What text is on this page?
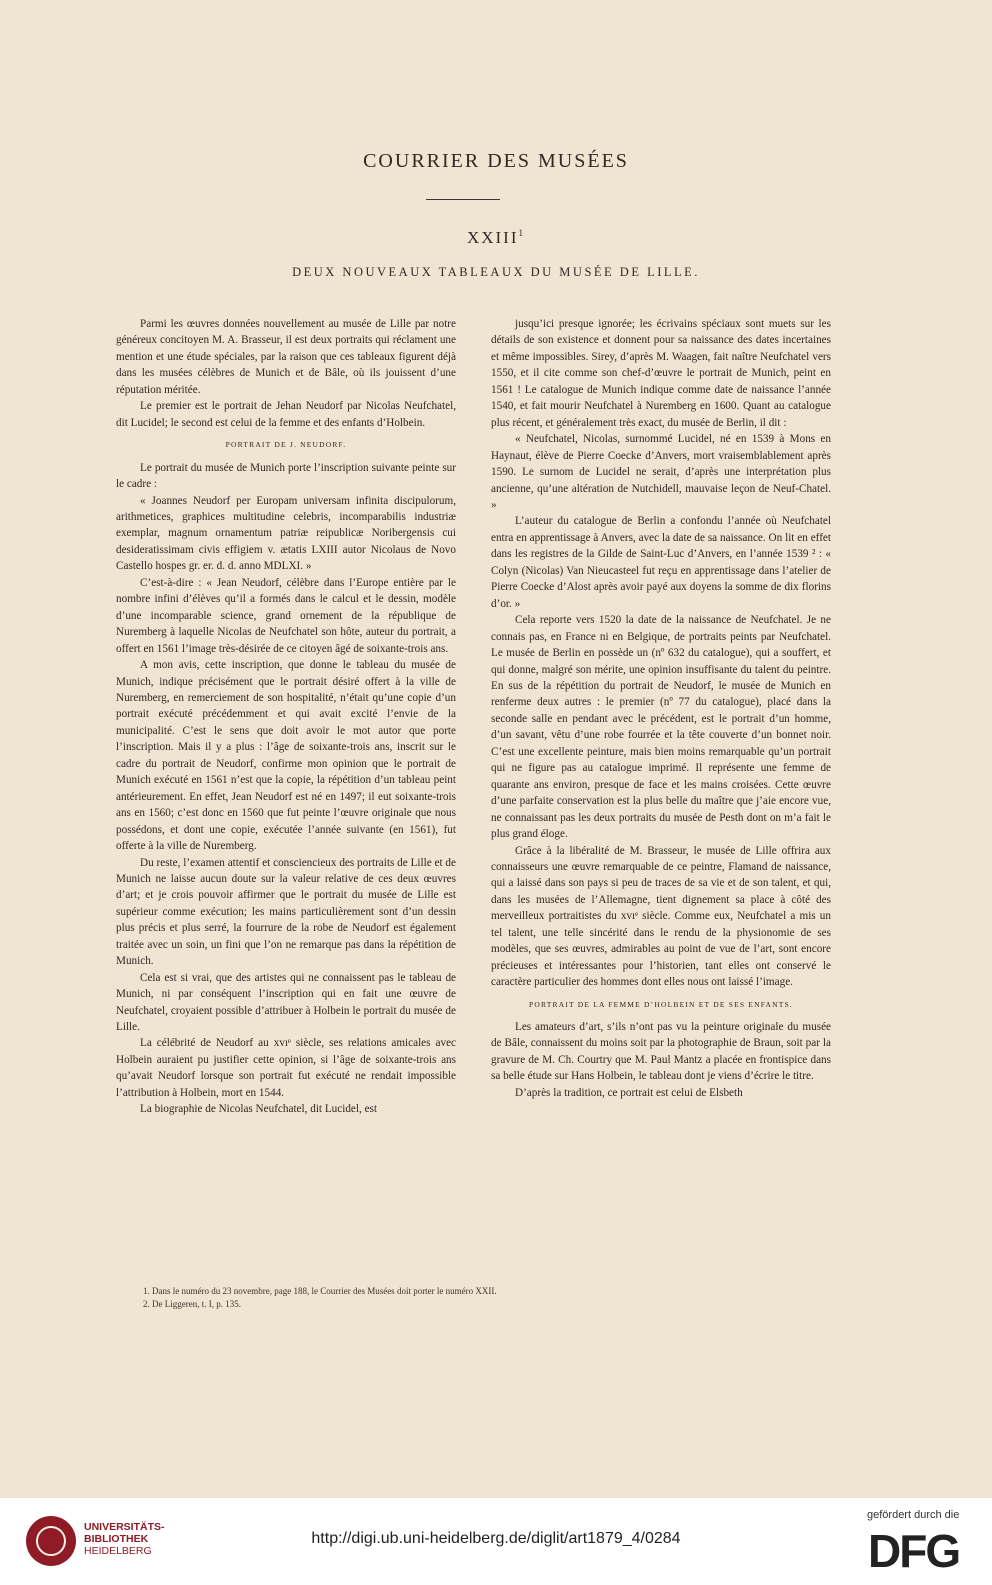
COURRIER DES MUSÉES
XXIII$^1$
DEUX NOUVEAUX TABLEAUX DU MUSÉE DE LILLE.

Parmi les œuvres données nouvellement au musée de Lille par notre généreux concitoyen M. A. Brasseur, il est deux portraits qui réclament une mention et une étude spéciales, par la raison que ces tableaux figurent déjà dans les musées célèbres de Munich et de Bâle, où ils jouissent d’une réputation méritée.

Le premier est le portrait de Jehan Neudorf par Nicolas Neufchatel, dit Lucidel; le second est celui de la femme et des enfants d’Holbein.

PORTRAIT DE J. NEUDORF.

Le portrait du musée de Munich porte l’inscription suivante peinte sur le cadre :

« Joannes Neudorf per Europam universam infinita discipulorum, arithmetices, graphices multitudine celebris, incomparabilis industriæ exemplar, magnum ornamentum patriæ reipublicæ Noribergensis cui desideratissimam civis effigiem v. ætatis LXIII autor Nicolaus de Novo Castello hospes gr. er. d. d. anno MDLXI. »

C’est-à-dire : « Jean Neudorf, célèbre dans l’Europe entière par le nombre infini d’élèves qu’il a formés dans le calcul et le dessin, modèle d’une incomparable science, grand ornement de la république de Nuremberg à laquelle Nicolas de Neufchatel son hôte, auteur du portrait, a offert en 1561 l’image très-désirée de ce citoyen âgé de soixante-trois ans.

A mon avis, cette inscription, que donne le tableau du musée de Munich, indique précisément que le portrait désiré offert à la ville de Nuremberg, en remerciement de son hospitalité, n’était qu’une copie d’un portrait exécuté précédemment et qui avait excité l’envie de la municipalité. C’est le sens que doit avoir le mot autor que porte l’inscription. Mais il y a plus : l’âge de soixante-trois ans, inscrit sur le cadre du portrait de Neudorf, confirme mon opinion que le portrait de Munich exécuté en 1561 n’est que la copie, la répétition d’un tableau peint antérieurement. En effet, Jean Neudorf est né en 1497; il eut soixante-trois ans en 1560; c’est donc en 1560 que fut peinte l’œuvre originale que nous possédons, et dont une copie, exécutée l’année suivante (en 1561), fut offerte à la ville de Nuremberg.

Du reste, l’examen attentif et consciencieux des portraits de Lille et de Munich ne laisse aucun doute sur la valeur relative de ces deux œuvres d’art; et je crois pouvoir affirmer que le portrait du musée de Lille est supérieur comme exécution; les mains particulièrement sont d’un dessin plus précis et plus serré, la fourrure de la robe de Neudorf est également traitée avec un soin, un fini que l’on ne remarque pas dans la répétition de Munich.

Cela est si vrai, que des artistes qui ne connaissent pas le tableau de Munich, ni par conséquent l’inscription qui en fait une œuvre de Neufchatel, croyaient possible d’attribuer à Holbein le portrait du musée de Lille.

La célébrité de Neudorf au xvıᵉ siècle, ses relations amicales avec Holbein auraient pu justifier cette opinion, si l’âge de soixante-trois ans qu’avait Neudorf lorsque son portrait fut exécuté ne rendait impossible l’attribution à Holbein, mort en 1544.

La biographie de Nicolas Neufchatel, dit Lucidel, est

jusqu’ici presque ignorée; les écrivains spéciaux sont muets sur les détails de son existence et donnent pour sa naissance des dates incertaines et même impossibles. Sirey, d’après M. Waagen, fait naître Neufchatel vers 1550, et il cite comme son chef-d’œuvre le portrait de Munich, peint en 1561 ! Le catalogue de Munich indique comme date de naissance l’année 1540, et fait mourir Neufchatel à Nuremberg en 1600. Quant au catalogue plus récent, et généralement très exact, du musée de Berlin, il dit :

« Neufchatel, Nicolas, surnommé Lucidel, né en 1539 à Mons en Haynaut, élève de Pierre Coecke d’Anvers, mort vraisemblablement après 1590. Le surnom de Lucidel ne serait, d’après une interprétation plus ancienne, qu’une altération de Nutchidell, mauvaise leçon de Neuf-Chatel. »

L’auteur du catalogue de Berlin a confondu l’année où Neufchatel entra en apprentissage à Anvers, avec la date de sa naissance. On lit en effet dans les registres de la Gilde de Saint-Luc d’Anvers, en l’année 1539 ² : « Colyn (Nicolas) Van Nieucasteel fut reçu en apprentissage dans l’atelier de Pierre Coecke d’Alost après avoir payé aux doyens la somme de dix florins d’or. »

Cela reporte vers 1520 la date de la naissance de Neufchatel. Je ne connais pas, en France ni en Belgique, de portraits peints par Neufchatel. Le musée de Berlin en possède un (nº 632 du catalogue), qui a souffert, et qui donne, malgré son mérite, une opinion insuffisante du talent du peintre. En sus de la répétition du portrait de Neudorf, le musée de Munich en renferme deux autres : le premier (nº 77 du catalogue), placé dans la seconde salle en pendant avec le précédent, est le portrait d’un homme, d’un savant, vêtu d’une robe fourrée et la tête couverte d’un bonnet noir. C’est une excellente peinture, mais bien moins remarquable qu’un portrait qui ne figure pas au catalogue imprimé. Il représente une femme de quarante ans environ, presque de face et les mains croisées. Cette œuvre d’une parfaite conservation est la plus belle du maître que j’aie encore vue, ne connaissant pas les deux portraits du musée de Pesth dont on m’a fait le plus grand éloge.

Grâce à la libéralité de M. Brasseur, le musée de Lille offrira aux connaisseurs une œuvre remarquable de ce peintre, Flamand de naissance, qui a laissé dans son pays si peu de traces de sa vie et de son talent, et qui, dans les musées de l’Allemagne, tient dignement sa place à côté des merveilleux portraitistes du xvıᵉ siècle. Comme eux, Neufchatel a mis un tel talent, une telle sincérité dans le rendu de la physionomie de ses modèles, que ses œuvres, admirables au point de vue de l’art, sont encore précieuses et intéressantes pour l’historien, tant elles ont conservé le caractère particulier des hommes dont elles nous ont laissé l’image.

PORTRAIT DE LA FEMME D’HOLBEIN ET DE SES ENFANTS.

Les amateurs d’art, s’ils n’ont pas vu la peinture originale du musée de Bâle, connaissent du moins soit par la photographie de Braun, soit par la gravure de M. Ch. Courtry que M. Paul Mantz a placée en frontispice dans sa belle étude sur Hans Holbein, le tableau dont je viens d’écrire le titre.

D’après la tradition, ce portrait est celui de Elsbeth

1. Dans le numéro du 23 novembre, page 188, le Courrier des Musées doit porter le numéro XXII.
2. De Liggeren, t. I, p. 135.
UNIVERSITÄTS-
BIBLIOTHEK
HEIDELBERG
http://digi.ub.uni-heidelberg.de/diglit/art1879_4/0284
gefördert durch die
DFG
